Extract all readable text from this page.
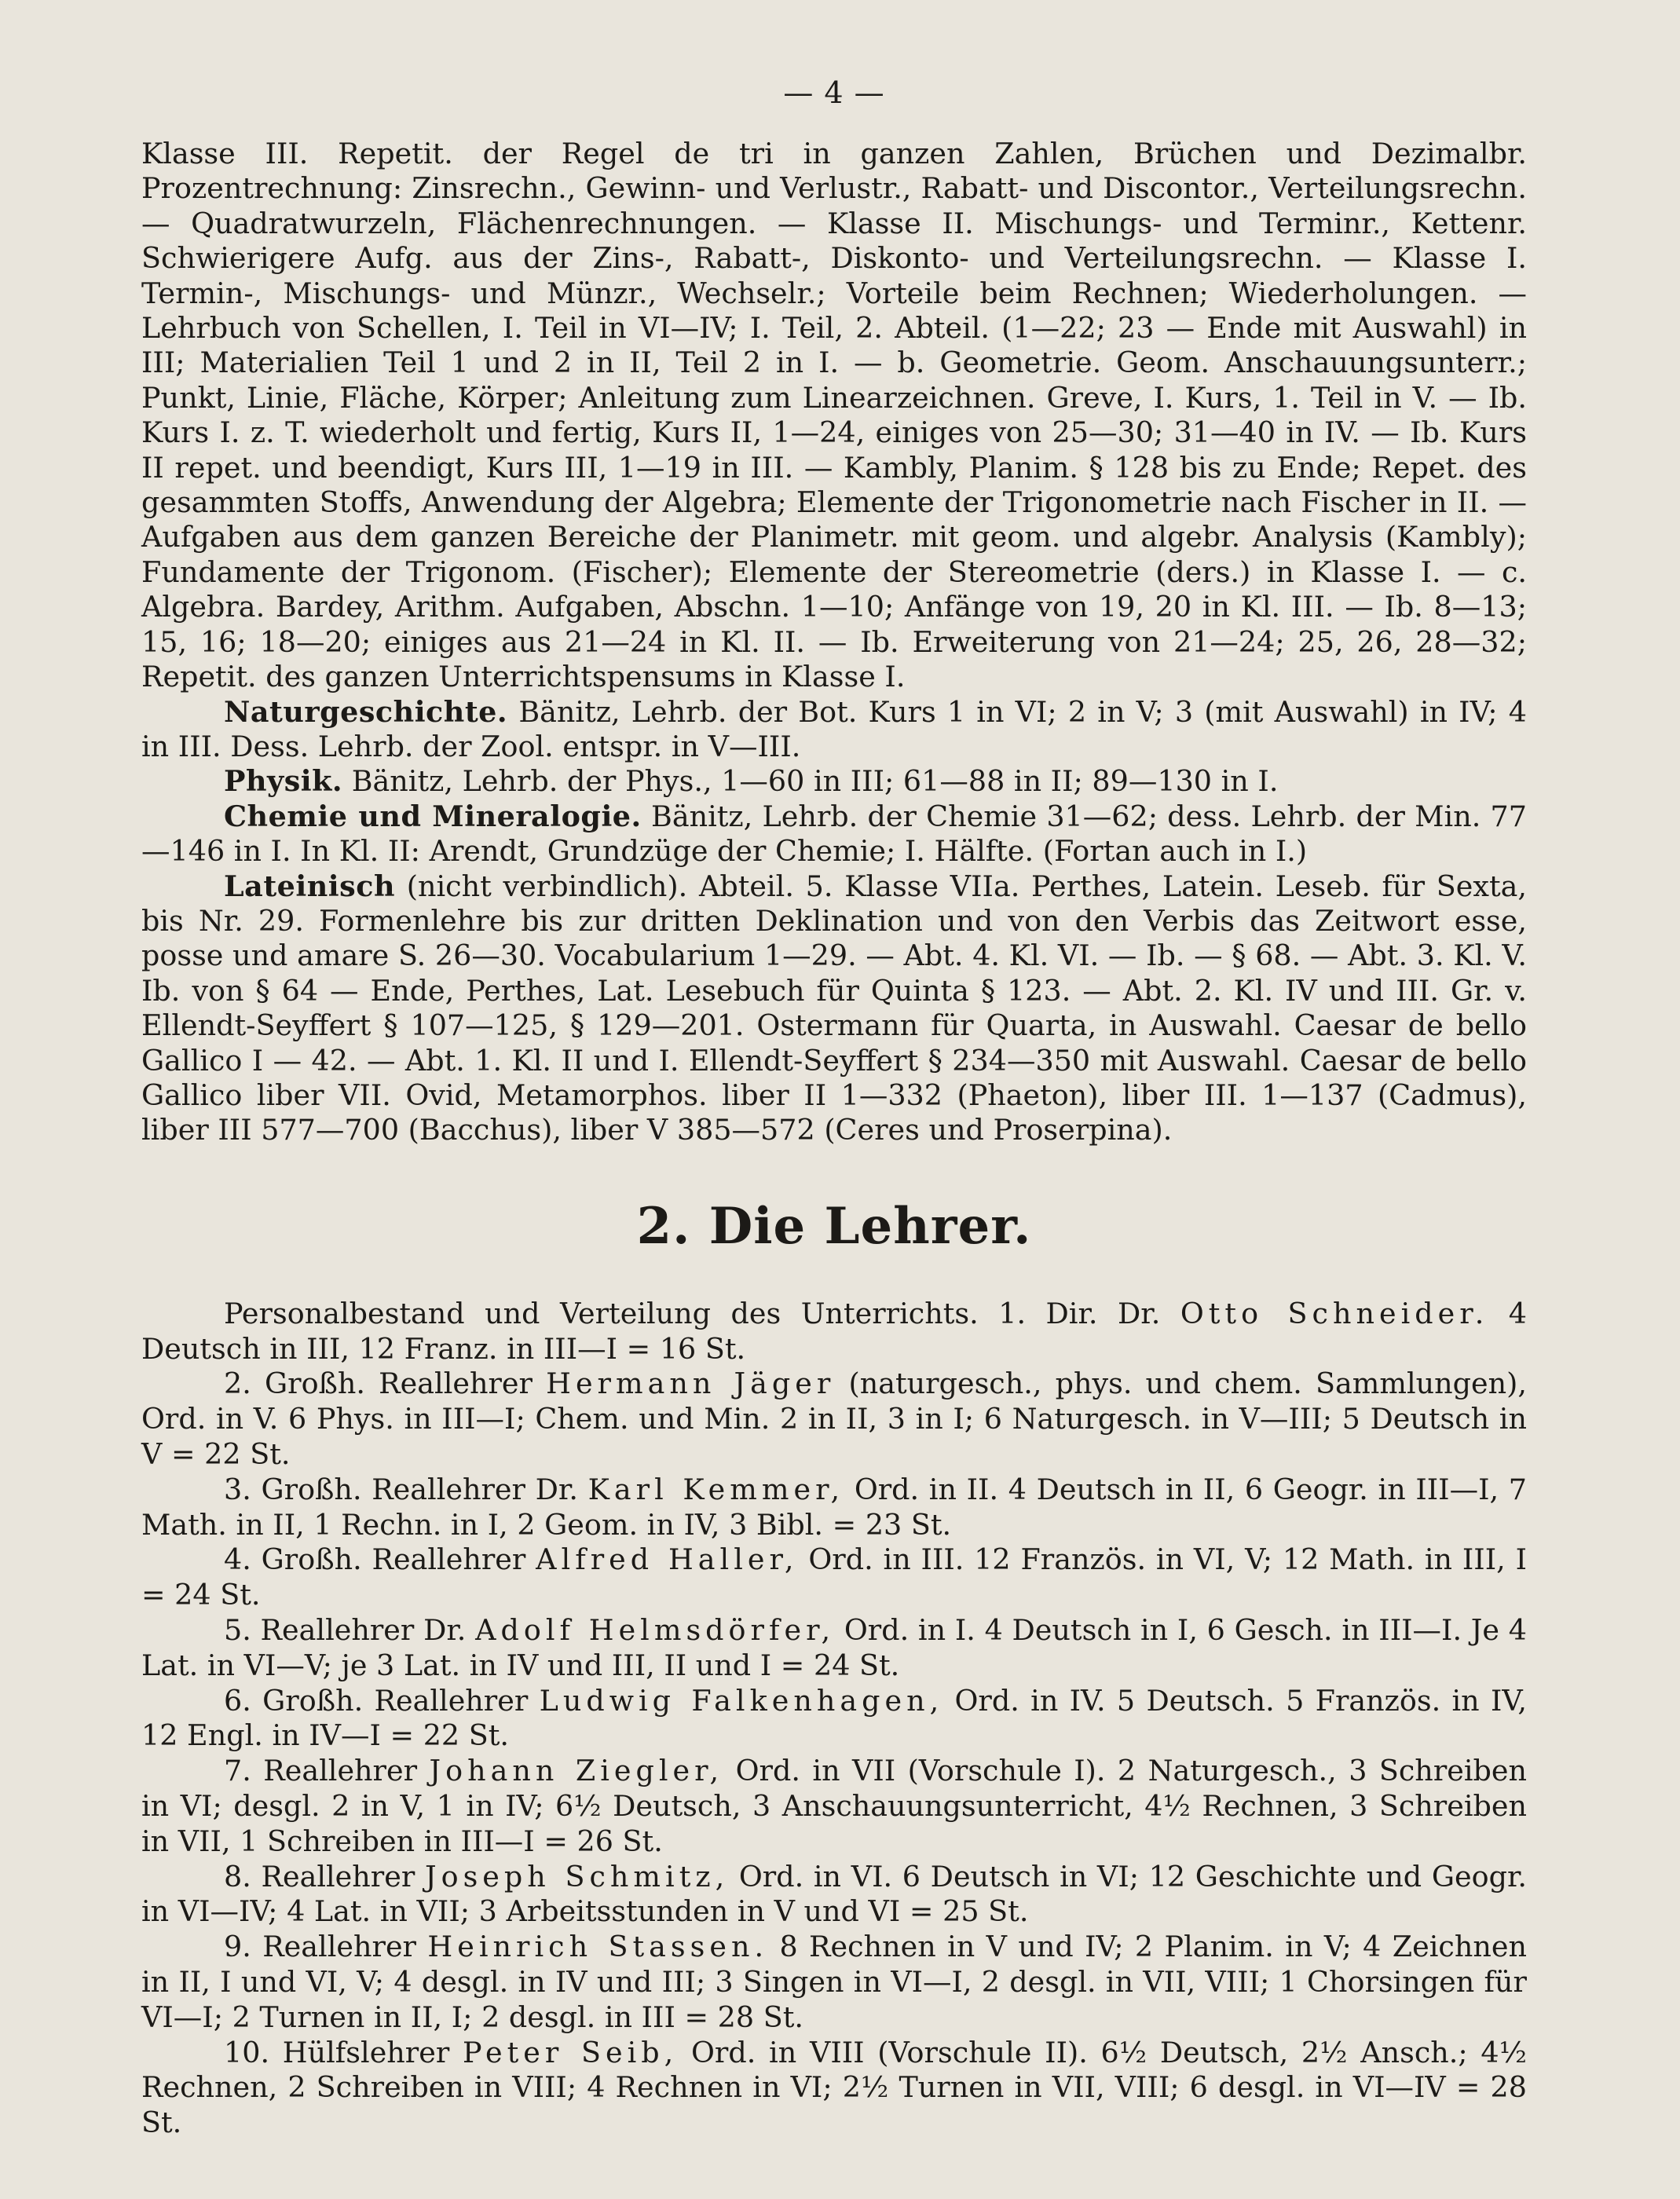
— 4 —

Klasse III. Repetit. der Regel de tri in ganzen Zahlen, Brüchen und Dezimalbr. Prozentrechnung: Zinsrechn., Gewinn- und Verlustr., Rabatt- und Discontor., Verteilungsrechn. — Quadratwurzeln, Flächenrechnungen. — Klasse II. Mischungs- und Terminr., Kettenr. Schwierigere Aufg. aus der Zins-, Rabatt-, Diskonto- und Verteilungsrechn. — Klasse I. Termin-, Mischungs- und Münzr., Wechselr.; Vorteile beim Rechnen; Wiederholungen. — Lehrbuch von Schellen, I. Teil in VI—IV; I. Teil, 2. Abteil. (1—22; 23 — Ende mit Auswahl) in III; Materialien Teil 1 und 2 in II, Teil 2 in I. — b. Geometrie. Geom. Anschauungsunterr.; Punkt, Linie, Fläche, Körper; Anleitung zum Linearzeichnen. Greve, I. Kurs, 1. Teil in V. — Ib. Kurs I. z. T. wiederholt und fertig, Kurs II, 1—24, einiges von 25—30; 31—40 in IV. — Ib. Kurs II repet. und beendigt, Kurs III, 1—19 in III. — Kambly, Planim. § 128 bis zu Ende; Repet. des gesammten Stoffs, Anwendung der Algebra; Elemente der Trigonometrie nach Fischer in II. — Aufgaben aus dem ganzen Bereiche der Planimetr. mit geom. und algebr. Analysis (Kambly); Fundamente der Trigonom. (Fischer); Elemente der Stereometrie (ders.) in Klasse I. — c. Algebra. Bardey, Arithm. Aufgaben, Abschn. 1—10; Anfänge von 19, 20 in Kl. III. — Ib. 8—13; 15, 16; 18—20; einiges aus 21—24 in Kl. II. — Ib. Erweiterung von 21—24; 25, 26, 28—32; Repetit. des ganzen Unterrichtspensums in Klasse I.

Naturgeschichte. Bänitz, Lehrb. der Bot. Kurs 1 in VI; 2 in V; 3 (mit Auswahl) in IV; 4 in III. Dess. Lehrb. der Zool. entspr. in V—III.

Physik. Bänitz, Lehrb. der Phys., 1—60 in III; 61—88 in II; 89—130 in I.

Chemie und Mineralogie. Bänitz, Lehrb. der Chemie 31—62; dess. Lehrb. der Min. 77—146 in I. In Kl. II: Arendt, Grundzüge der Chemie; I. Hälfte. (Fortan auch in I.)

Lateinisch (nicht verbindlich). Abteil. 5. Klasse VIIa. Perthes, Latein. Leseb. für Sexta, bis Nr. 29. Formenlehre bis zur dritten Deklination und von den Verbis das Zeitwort esse, posse und amare S. 26—30. Vocabularium 1—29. — Abt. 4. Kl. VI. — Ib. — § 68. — Abt. 3. Kl. V. Ib. von § 64 — Ende, Perthes, Lat. Lesebuch für Quinta § 123. — Abt. 2. Kl. IV und III. Gr. v. Ellendt-Seyffert § 107—125, § 129—201. Ostermann für Quarta, in Auswahl. Caesar de bello Gallico I — 42. — Abt. 1. Kl. II und I. Ellendt-Seyffert § 234—350 mit Auswahl. Caesar de bello Gallico liber VII. Ovid, Metamorphos. liber II 1—332 (Phaeton), liber III. 1—137 (Cadmus), liber III 577—700 (Bacchus), liber V 385—572 (Ceres und Proserpina).

2. Die Lehrer.

Personalbestand und Verteilung des Unterrichts. 1. Dir. Dr. Otto Schneider. 4 Deutsch in III, 12 Franz. in III—I = 16 St.

2. Großh. Reallehrer Hermann Jäger (naturgesch., phys. und chem. Sammlungen), Ord. in V. 6 Phys. in III—I; Chem. und Min. 2 in II, 3 in I; 6 Naturgesch. in V—III; 5 Deutsch in V = 22 St.

3. Großh. Reallehrer Dr. Karl Kemmer, Ord. in II. 4 Deutsch in II, 6 Geogr. in III—I, 7 Math. in II, 1 Rechn. in I, 2 Geom. in IV, 3 Bibl. = 23 St.

4. Großh. Reallehrer Alfred Haller, Ord. in III. 12 Französ. in VI, V; 12 Math. in III, I = 24 St.

5. Reallehrer Dr. Adolf Helmsdörfer, Ord. in I. 4 Deutsch in I, 6 Gesch. in III—I. Je 4 Lat. in VI—V; je 3 Lat. in IV und III, II und I = 24 St.

6. Großh. Reallehrer Ludwig Falkenhagen, Ord. in IV. 5 Deutsch. 5 Französ. in IV, 12 Engl. in IV—I = 22 St.

7. Reallehrer Johann Ziegler, Ord. in VII (Vorschule I). 2 Naturgesch., 3 Schreiben in VI; desgl. 2 in V, 1 in IV; 6½ Deutsch, 3 Anschauungsunterricht, 4½ Rechnen, 3 Schreiben in VII, 1 Schreiben in III—I = 26 St.

8. Reallehrer Joseph Schmitz, Ord. in VI. 6 Deutsch in VI; 12 Geschichte und Geogr. in VI—IV; 4 Lat. in VII; 3 Arbeitsstunden in V und VI = 25 St.

9. Reallehrer Heinrich Stassen. 8 Rechnen in V und IV; 2 Planim. in V; 4 Zeichnen in II, I und VI, V; 4 desgl. in IV und III; 3 Singen in VI—I, 2 desgl. in VII, VIII; 1 Chorsingen für VI—I; 2 Turnen in II, I; 2 desgl. in III = 28 St.

10. Hülfslehrer Peter Seib, Ord. in VIII (Vorschule II). 6½ Deutsch, 2½ Ansch.; 4½ Rechnen, 2 Schreiben in VIII; 4 Rechnen in VI; 2½ Turnen in VII, VIII; 6 desgl. in VI—IV = 28 St.
